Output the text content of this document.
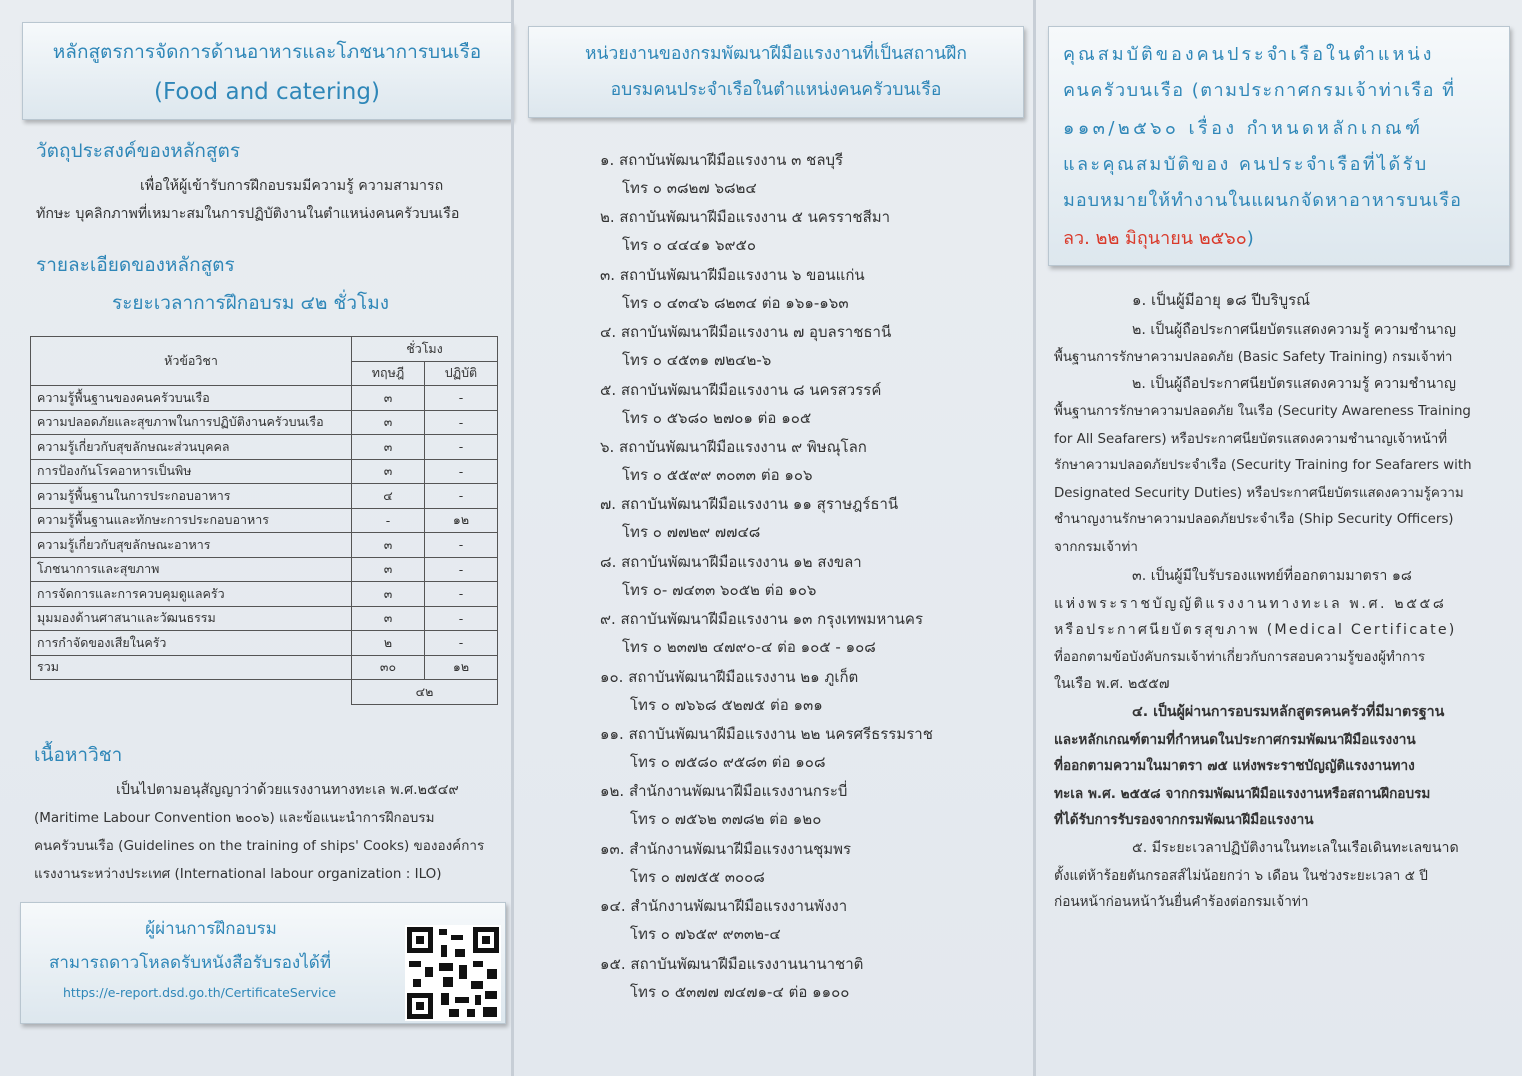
หลักสูตรการจัดการด้านอาหารและโภชนาการบนเรือ
(Food and catering)
วัตถุประสงค์ของหลักสูตร
เพื่อให้ผู้เข้ารับการฝึกอบรมมีความรู้ ความสามารถ
ทักษะ บุคลิกภาพที่เหมาะสมในการปฏิบัติงานในตำแหน่งคนครัวบนเรือ
รายละเอียดของหลักสูตร
ระยะเวลาการฝึกอบรม ๔๒ ชั่วโมง
หัวข้อวิชา	ชั่วโมง	
	ทฤษฎี	ปฏิบัติ
ความรู้พื้นฐานของคนครัวบนเรือ	๓	-
ความปลอดภัยและสุขภาพในการปฏิบัติงานครัวบนเรือ	๓	-
ความรู้เกี่ยวกับสุขลักษณะส่วนบุคคล	๓	-
การป้องกันโรคอาหารเป็นพิษ	๓	-
ความรู้พื้นฐานในการประกอบอาหาร	๔	-
ความรู้พื้นฐานและทักษะการประกอบอาหาร	-	๑๒
ความรู้เกี่ยวกับสุขลักษณะอาหาร	๓	-
โภชนาการและสุขภาพ	๓	-
การจัดการและการควบคุมดูแลครัว	๓	-
มุมมองด้านศาสนาและวัฒนธรรม	๓	-
การกำจัดของเสียในครัว	๒	-
รวม	๓๐	๑๒
	๔๒	
เนื้อหาวิชา
เป็นไปตามอนุสัญญาว่าด้วยแรงงานทางทะเล พ.ศ.๒๕๔๙
(Maritime Labour Convention ๒๐๐๖) และข้อแนะนำการฝึกอบรม
คนครัวบนเรือ (Guidelines on the training of ships' Cooks) ขององค์การ
แรงงานระหว่างประเทศ (International labour organization : ILO)
ผู้ผ่านการฝึกอบรม
สามารถดาวโหลดรับหนังสือรับรองได้ที่
https://e-report.dsd.go.th/CertificateService
หน่วยงานของกรมพัฒนาฝีมือแรงงานที่เป็นสถานฝึก
อบรมคนประจำเรือในตำแหน่งคนครัวบนเรือ
๑. สถาบันพัฒนาฝีมือแรงงาน ๓ ชลบุรี
โทร ๐ ๓๘๒๗ ๖๘๒๔
๒. สถาบันพัฒนาฝีมือแรงงาน ๕ นครราชสีมา
โทร ๐ ๔๔๔๑ ๖๙๕๐
๓. สถาบันพัฒนาฝีมือแรงงาน ๖ ขอนแก่น
โทร ๐ ๔๓๔๖ ๘๒๓๔ ต่อ ๑๖๑-๑๖๓
๔. สถาบันพัฒนาฝีมือแรงงาน ๗ อุบลราชธานี
โทร ๐ ๔๕๓๑ ๗๒๔๒-๖
๕. สถาบันพัฒนาฝีมือแรงงาน ๘ นครสวรรค์
โทร ๐ ๕๖๘๐ ๒๗๐๑ ต่อ ๑๐๕
๖. สถาบันพัฒนาฝีมือแรงงาน ๙ พิษณุโลก
โทร ๐ ๕๕๙๙ ๓๐๓๓ ต่อ ๑๐๖
๗. สถาบันพัฒนาฝีมือแรงงาน ๑๑ สุราษฎร์ธานี
โทร ๐ ๗๗๒๙ ๗๗๔๘
๘. สถาบันพัฒนาฝีมือแรงงาน ๑๒ สงขลา
โทร ๐- ๗๔๓๓ ๖๐๕๒ ต่อ ๑๐๖
๙. สถาบันพัฒนาฝีมือแรงงาน ๑๓ กรุงเทพมหานคร
โทร ๐ ๒๓๗๒ ๔๗๙๐-๔ ต่อ ๑๐๕ - ๑๐๘
๑๐. สถาบันพัฒนาฝีมือแรงงาน ๒๑ ภูเก็ต
โทร ๐ ๗๖๖๘ ๕๒๗๕ ต่อ ๑๓๑
๑๑. สถาบันพัฒนาฝีมือแรงงาน ๒๒ นครศรีธรรมราช
โทร ๐ ๗๕๘๐ ๙๕๘๓ ต่อ ๑๐๘
๑๒. สำนักงานพัฒนาฝีมือแรงงานกระบี่
โทร ๐ ๗๕๖๒ ๓๗๘๒ ต่อ ๑๒๐
๑๓. สำนักงานพัฒนาฝีมือแรงงานชุมพร
โทร ๐ ๗๗๕๕ ๓๐๐๘
๑๔. สำนักงานพัฒนาฝีมือแรงงานพังงา
โทร ๐ ๗๖๕๙ ๙๓๓๒-๔
๑๕. สถาบันพัฒนาฝีมือแรงงานนานาชาติ
โทร ๐ ๕๓๗๗ ๗๔๗๑-๔ ต่อ ๑๑๐๐
คุณสมบัติของคนประจำเรือในตำแหน่ง
คนครัวบนเรือ (ตามประกาศกรมเจ้าท่าเรือ ที่
๑๑๓/๒๕๖๐ เรื่อง กำหนดหลักเกณฑ์
และคุณสมบัติของ คนประจำเรือที่ได้รับ
มอบหมายให้ทำงานในแผนกจัดหาอาหารบนเรือ
ลว. ๒๒ มิถุนายน ๒๕๖๐)
๑. เป็นผู้มีอายุ ๑๘ ปีบริบูรณ์
๒. เป็นผู้ถือประกาศนียบัตรแสดงความรู้ ความชำนาญ
พื้นฐานการรักษาความปลอดภัย (Basic Safety Training) กรมเจ้าท่า
๒. เป็นผู้ถือประกาศนียบัตรแสดงความรู้ ความชำนาญ
พื้นฐานการรักษาความปลอดภัย ในเรือ (Security Awareness Training
for All Seafarers) หรือประกาศนียบัตรแสดงความชำนาญเจ้าหน้าที่
รักษาความปลอดภัยประจำเรือ (Security Training for Seafarers with
Designated Security Duties) หรือประกาศนียบัตรแสดงความรู้ความ
ชำนาญงานรักษาความปลอดภัยประจำเรือ (Ship Security Officers)
จากกรมเจ้าท่า
๓. เป็นผู้มีใบรับรองแพทย์ที่ออกตามมาตรา ๑๘
แห่งพระราชบัญญัติแรงงานทางทะเล พ.ศ. ๒๕๕๘
หรือประกาศนียบัตรสุขภาพ (Medical Certificate)
ที่ออกตามข้อบังคับกรมเจ้าท่าเกี่ยวกับการสอบความรู้ของผู้ทำการ
ในเรือ พ.ศ. ๒๕๕๗
๔. เป็นผู้ผ่านการอบรมหลักสูตรคนครัวที่มีมาตรฐาน
และหลักเกณฑ์ตามที่กำหนดในประกาศกรมพัฒนาฝีมือแรงงาน
ที่ออกตามความในมาตรา ๗๕ แห่งพระราชบัญญัติแรงงานทาง
ทะเล พ.ศ. ๒๕๕๘ จากกรมพัฒนาฝีมือแรงงานหรือสถานฝึกอบรม
ที่ได้รับการรับรองจากกรมพัฒนาฝีมือแรงงาน
๕. มีระยะเวลาปฏิบัติงานในทะเลในเรือเดินทะเลขนาด
ตั้งแต่ห้าร้อยตันกรอสส์ไม่น้อยกว่า ๖ เดือน ในช่วงระยะเวลา ๕ ปี
ก่อนหน้าก่อนหน้าวันยื่นคำร้องต่อกรมเจ้าท่า
